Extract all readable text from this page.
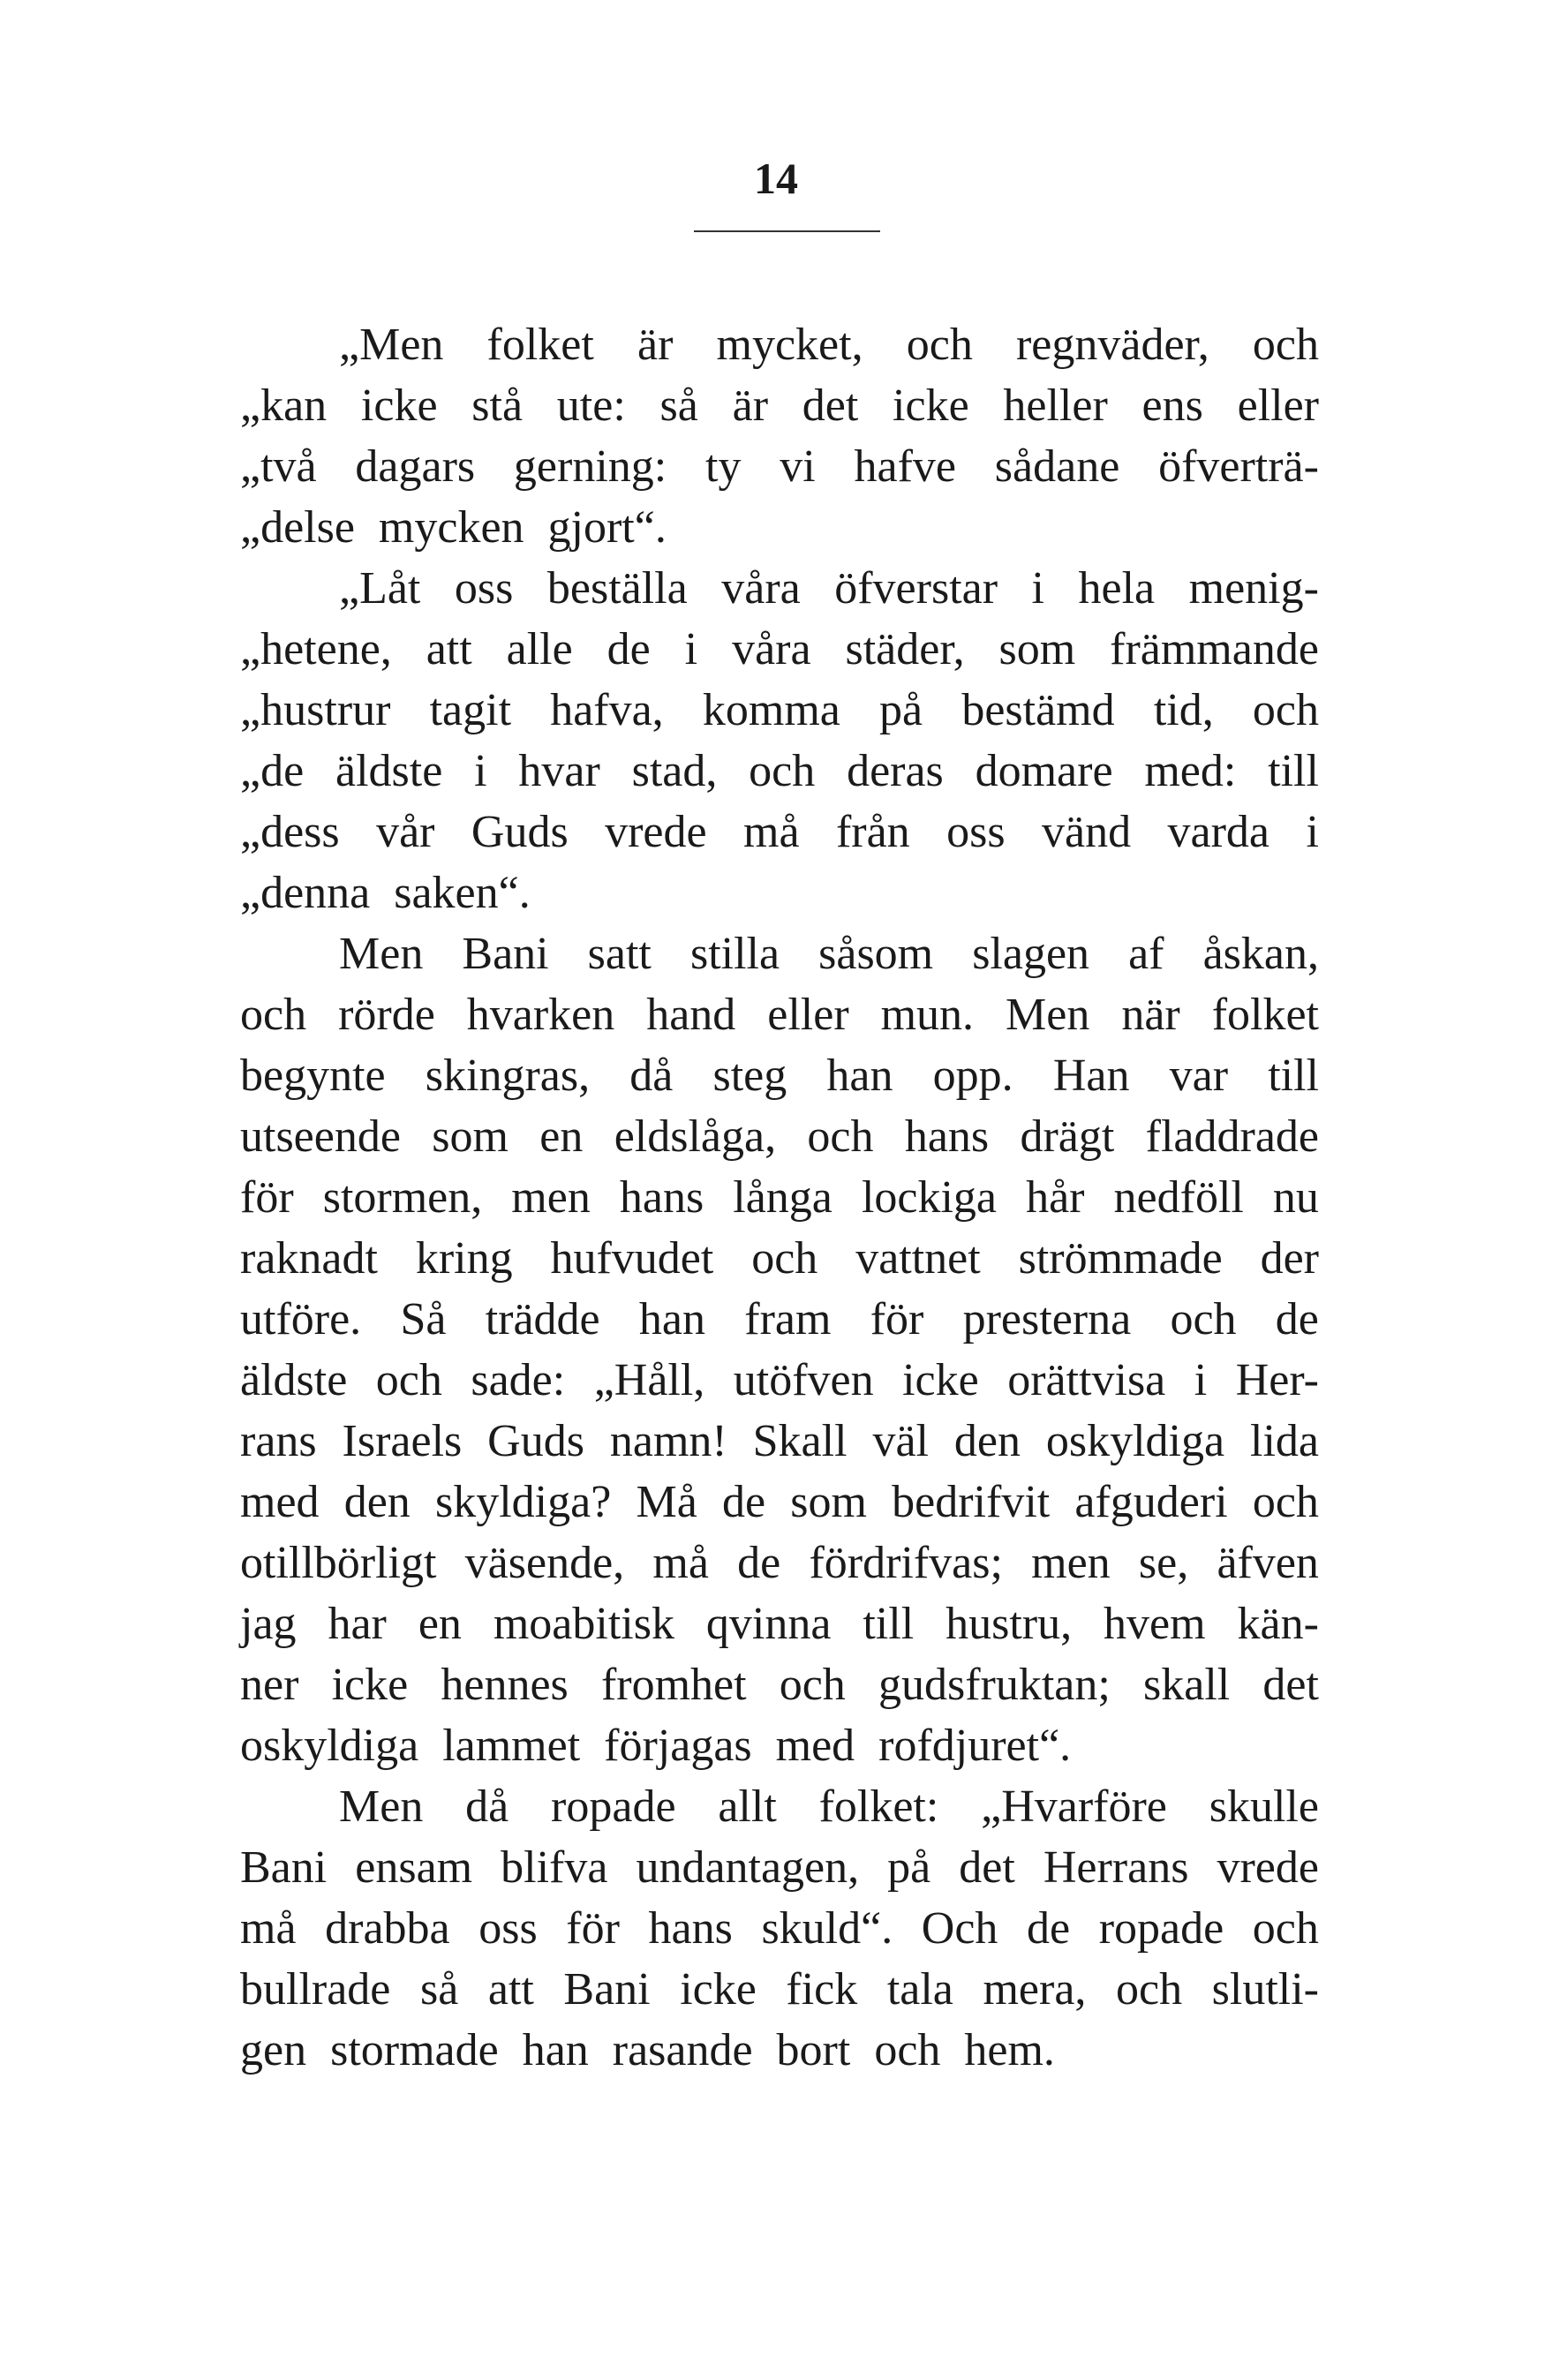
14
„Men folket är mycket, och regnväder, och
„kan icke stå ute: så är det icke heller ens eller
„två dagars gerning: ty vi hafve sådane öfverträ-
„delse mycken gjort“.
„Låt oss beställa våra öfverstar i hela menig-
„hetene, att alle de i våra städer, som främmande
„hustrur tagit hafva, komma på bestämd tid, och
„de äldste i hvar stad, och deras domare med: till
„dess vår Guds vrede må från oss vänd varda i
„denna saken“.
Men Bani satt stilla såsom slagen af åskan,
och rörde hvarken hand eller mun. Men när folket
begynte skingras, då steg han opp. Han var till
utseende som en eldslåga, och hans drägt fladdrade
för stormen, men hans långa lockiga hår nedföll nu
raknadt kring hufvudet och vattnet strömmade der
utföre. Så trädde han fram för presterna och de
äldste och sade: „Håll, utöfven icke orättvisa i Her-
rans Israels Guds namn! Skall väl den oskyldiga lida
med den skyldiga? Må de som bedrifvit afguderi och
otillbörligt väsende, må de fördrifvas; men se, äfven
jag har en moabitisk qvinna till hustru, hvem kän-
ner icke hennes fromhet och gudsfruktan; skall det
oskyldiga lammet förjagas med rofdjuret“.
Men då ropade allt folket: „Hvarföre skulle
Bani ensam blifva undantagen, på det Herrans vrede
må drabba oss för hans skuld“. Och de ropade och
bullrade så att Bani icke fick tala mera, och slutli-
gen stormade han rasande bort och hem.
